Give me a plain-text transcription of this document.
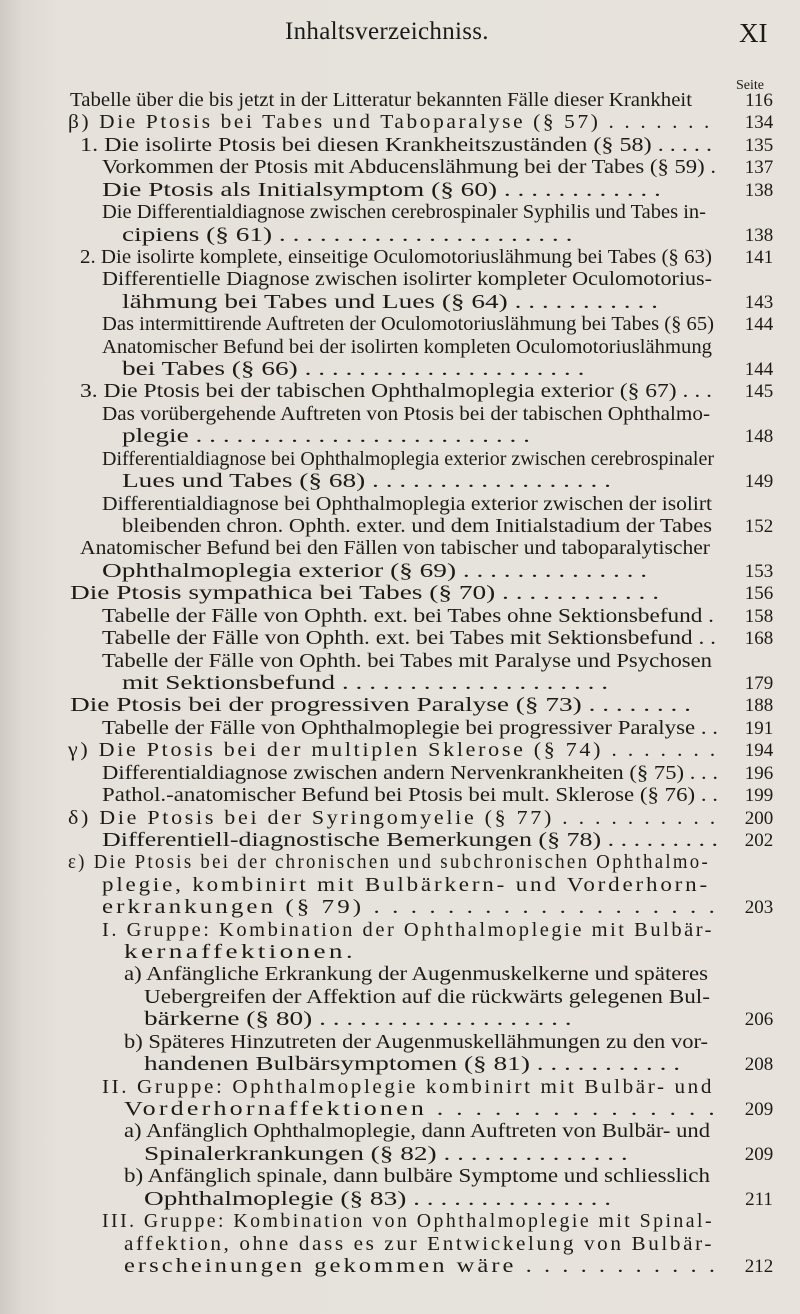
Inhaltsverzeichniss.	XI
Seite
Tabelle über die bis jetzt in der Litteratur bekannten Fälle dieser Krankheit	116
β) Die Ptosis bei Tabes und Taboparalyse (§ 57) . . . . . . .	134
1. Die isolirte Ptosis bei diesen Krankheitszuständen (§ 58) . . . . .	135
Vorkommen der Ptosis mit Abducenslähmung bei der Tabes (§ 59) .	137
Die Ptosis als Initialsymptom (§ 60) . . . . . . . . . . . .	138
Die Differentialdiagnose zwischen cerebrospinaler Syphilis und Tabes in-
cipiens (§ 61) . . . . . . . . . . . . . . . . . . . . . .	138
2. Die isolirte komplete, einseitige Oculomotoriuslähmung bei Tabes (§ 63)	141
Differentielle Diagnose zwischen isolirter kompleter Oculomotorius-
lähmung bei Tabes und Lues (§ 64) . . . . . . . . . . .	143
Das intermittirende Auftreten der Oculomotoriuslähmung bei Tabes (§ 65)	144
Anatomischer Befund bei der isolirten kompleten Oculomotoriuslähmung
bei Tabes (§ 66) . . . . . . . . . . . . . . . . . . . . .	144
3. Die Ptosis bei der tabischen Ophthalmoplegia exterior (§ 67) . . .	145
Das vorübergehende Auftreten von Ptosis bei der tabischen Ophthalmo-
plegie . . . . . . . . . . . . . . . . . . . . . . . . .	148
Differentialdiagnose bei Ophthalmoplegia exterior zwischen cerebrospinaler
Lues und Tabes (§ 68) . . . . . . . . . . . . . . . . . .	149
Differentialdiagnose bei Ophthalmoplegia exterior zwischen der isolirt
bleibenden chron. Ophth. exter. und dem Initialstadium der Tabes	152
Anatomischer Befund bei den Fällen von tabischer und taboparalytischer
Ophthalmoplegia exterior (§ 69) . . . . . . . . . . . . . .	153
Die Ptosis sympathica bei Tabes (§ 70) . . . . . . . . . . . .	156
Tabelle der Fälle von Ophth. ext. bei Tabes ohne Sektionsbefund .	158
Tabelle der Fälle von Ophth. ext. bei Tabes mit Sektionsbefund . .	168
Tabelle der Fälle von Ophth. bei Tabes mit Paralyse und Psychosen
mit Sektionsbefund . . . . . . . . . . . . . . . . . . . .	179
Die Ptosis bei der progressiven Paralyse (§ 73) . . . . . . . .	188
Tabelle der Fälle von Ophthalmoplegie bei progressiver Paralyse . .	191
γ) Die Ptosis bei der multiplen Sklerose (§ 74) . . . . . . .	194
Differentialdiagnose zwischen andern Nervenkrankheiten (§ 75) . . .	196
Pathol.-anatomischer Befund bei Ptosis bei mult. Sklerose (§ 76) . .	199
δ) Die Ptosis bei der Syringomyelie (§ 77) . . . . . . . . . .	200
Differentiell-diagnostische Bemerkungen (§ 78) . . . . . . . . .	202
ε) Die Ptosis bei der chronischen und subchronischen Ophthalmo-
plegie, kombinirt mit Bulbärkern- und Vorderhorn-
erkrankungen (§ 79) . . . . . . . . . . . . . . . . . . .	203
I. Gruppe: Kombination der Ophthalmoplegie mit Bulbär-
kernaffektionen.
a) Anfängliche Erkrankung der Augenmuskelkerne und späteres
Uebergreifen der Affektion auf die rückwärts gelegenen Bul-
bärkerne (§ 80) . . . . . . . . . . . . . . . . . . .	206
b) Späteres Hinzutreten der Augenmuskellähmungen zu den vor-
handenen Bulbärsymptomen (§ 81) . . . . . . . . . . .	208
II. Gruppe: Ophthalmoplegie kombinirt mit Bulbär- und
Vorderhornaffektionen . . . . . . . . . . . . . . .	209
a) Anfänglich Ophthalmoplegie, dann Auftreten von Bulbär- und
Spinalerkrankungen (§ 82) . . . . . . . . . . . . . .	209
b) Anfänglich spinale, dann bulbäre Symptome und schliesslich
Ophthalmoplegie (§ 83) . . . . . . . . . . . . . . .	211
III. Gruppe: Kombination von Ophthalmoplegie mit Spinal-
affektion, ohne dass es zur Entwickelung von Bulbär-
erscheinungen gekommen wäre . . . . . . . . . . .	212
